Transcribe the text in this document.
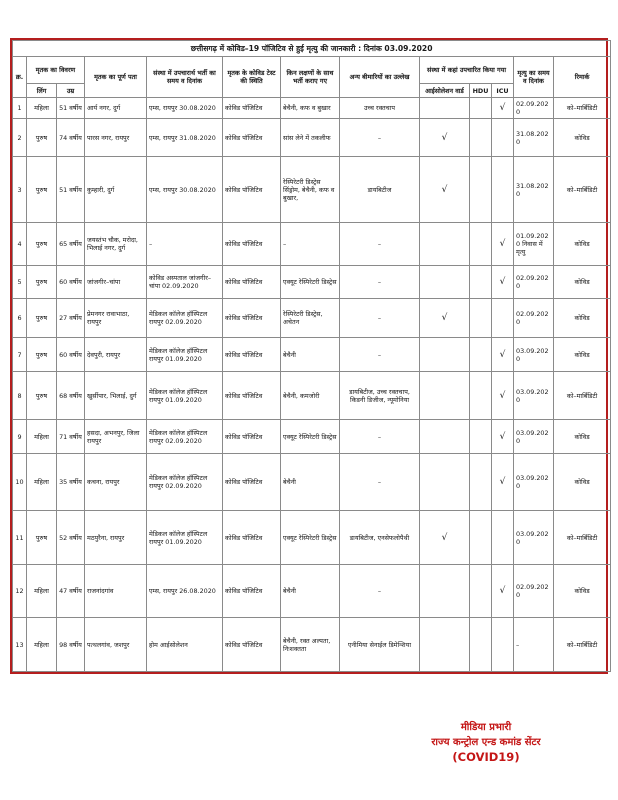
छत्तीसगढ़ में कोविड–19 पॉजिटिव से हुई मृत्यु की जानकारी : दिनांक 03.09.2020												
क्र.	मृतक का विवरण		मृतक का पूर्ण पता	संस्था में उपचारार्थ भर्ती का समय व दिनांक	मृतक के कोविड टेस्ट की स्थिति	किन लक्षणों के साथ भर्ती कराए गए	अन्य बीमारियों का उल्लेख	संस्था में कहां उपचारित किया गया			मृत्यु का समय व दिनांक	रिमार्क
	लिंग	उम्र						आईसोलेशन वार्ड	HDU	ICU		
1	महिला	51 वर्षीय	आर्य नगर, दुर्ग	एम्स, रायपुर 30.08.2020	कोविड पॉजिटिव	बेचैनी, कफ व बुखार	उच्च रक्तचाप			√	02.09.2020	को–मार्बिडिटी
2	पुरुष	74 वर्षीय	पारस नगर, रायपुर	एम्स, रायपुर 31.08.2020	कोविड पॉजिटिव	सांस लेने में तकलीफ	–	√			31.08.2020	कोविड
3	पुरुष	51 वर्षीय	कुम्हारी, दुर्ग	एम्स, रायपुर 30.08.2020	कोविड पॉजिटिव	रेस्पिरेटरी डिस्ट्रेस सिंड्रोम, बेचैनी, कफ व बुखार,	डायबिटीज	√			31.08.2020	को–मार्बिडिटी
4	पुरुष	65 वर्षीय	जयस्तंभ चौक, मरोदा, भिलाई नगर, दुर्ग	–	कोविड पॉजिटिव	–	–			√	01.09.2020 निवास में मृत्यु	कोविड
5	पुरुष	60 वर्षीय	जांजगीर–चांपा	कोविड अस्पताल जांजगीर–चांपा 02.09.2020	कोविड पॉजिटिव	एक्यूट रेस्पिरेटरी डिस्ट्रेस	–			√	02.09.2020	कोविड
6	पुरुष	27 वर्षीय	प्रेमनगर रावाभाठा, रायपुर	मेडिकल कॉलेज हॉस्पिटल रायपुर 02.09.2020	कोविड पॉजिटिव	रेस्पिरेटरी डिस्ट्रेस, अचेतन	–	√			02.09.2020	कोविड
7	पुरुष	60 वर्षीय	देवपुरी, रायपुर	मेडिकल कॉलेज हॉस्पिटल रायपुर 01.09.2020	कोविड पॉजिटिव	बेचैनी	–			√	03.09.2020	कोविड
8	पुरुष	68 वर्षीय	खुर्सीपार, भिलाई, दुर्ग	मेडिकल कॉलेज हॉस्पिटल रायपुर 01.09.2020	कोविड पॉजिटिव	बेचैनी, कमजोरी	डायबिटीज, उच्च रक्तचाप, किडनी डिजीज, न्यूमोनिया			√	03.09.2020	को–मार्बिडिटी
9	महिला	71 वर्षीय	हसदा, अभनपुर, जिला रायपुर	मेडिकल कॉलेज हॉस्पिटल रायपुर 02.09.2020	कोविड पॉजिटिव	एक्यूट रेस्पिरेटरी डिस्ट्रेस	–			√	03.09.2020	कोविड
10	महिला	35 वर्षीय	कचना, रायपुर	मेडिकल कॉलेज हॉस्पिटल रायपुर 02.09.2020	कोविड पॉजिटिव	बेचैनी	–			√	03.09.2020	कोविड
11	पुरुष	52 वर्षीय	मठपुरैना, रायपुर	मेडिकल कॉलेज हॉस्पिटल रायपुर 01.09.2020	कोविड पॉजिटिव	एक्यूट रेस्पिरेटरी डिस्ट्रेस	डायबिटीज, एनसेफलोपैथी	√			03.09.2020	को–मार्बिडिटी
12	महिला	47 वर्षीय	राजनांदगांव	एम्स, रायपुर 26.08.2020	कोविड पॉजिटिव	बेचैनी	–			√	02.09.2020	कोविड
13	महिला	98 वर्षीय	पत्थलगांव, जशपुर	होम आईसोलेशन	कोविड पॉजिटिव	बेचैनी, रक्त अल्पता, निःशक्तता	एनीमिया सेनाईल डिमेन्शिया				–	को–मार्बिडिटी
मीडिया प्रभारी
राज्य कन्ट्रोल एन्ड कमांड सेंटर
(COVID19)
